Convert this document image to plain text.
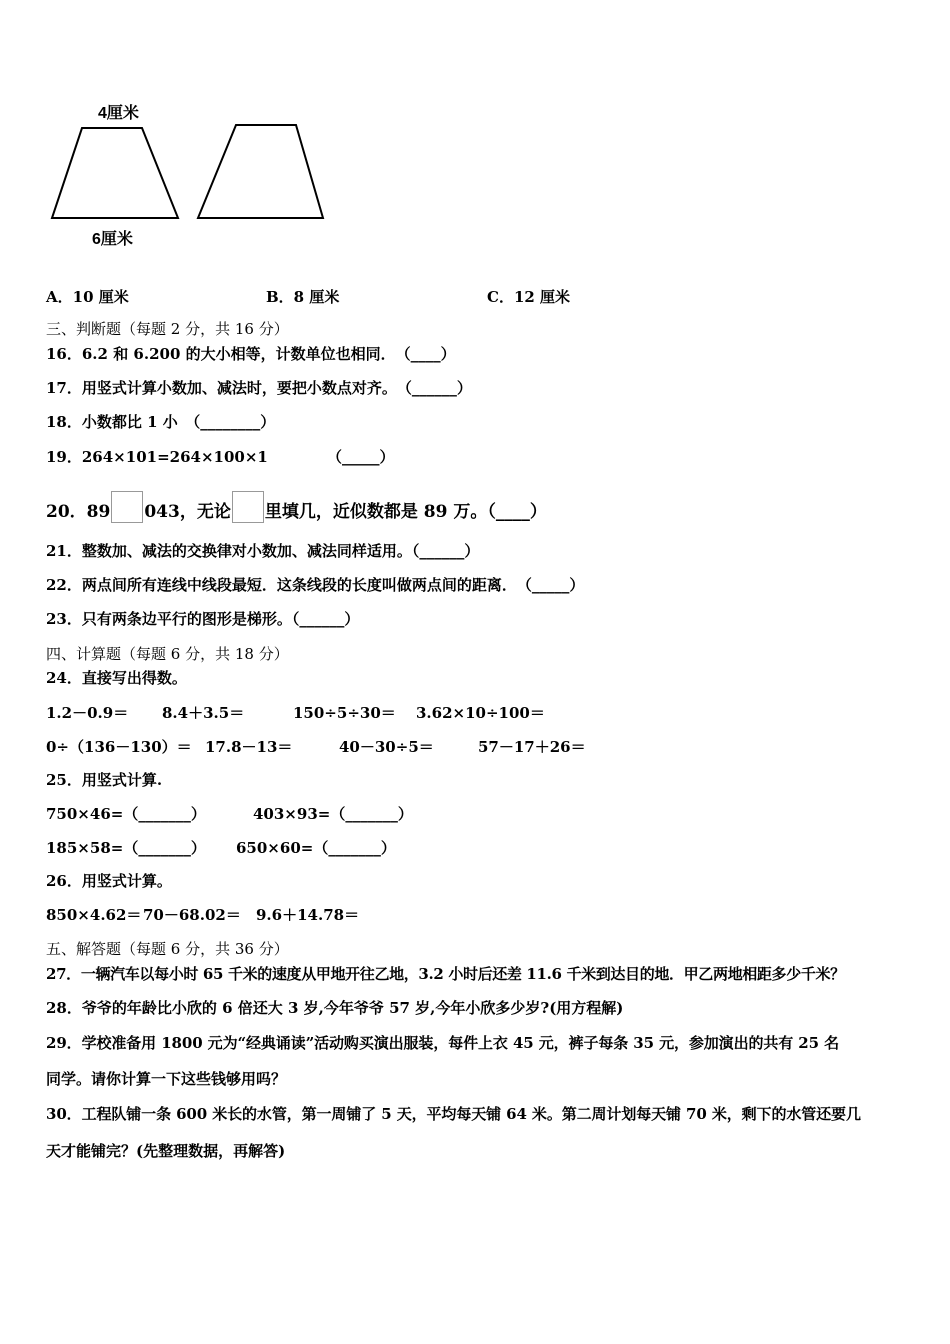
4厘米
6厘米
A．10 厘米	B．8 厘米	C．12 厘米
三、判断题（每题 2 分，共 16 分）
16．6.2 和 6.200 的大小相等，计数单位也相同．　（____）
17．用竖式计算小数加、减法时，要把小数点对齐。　（______）
18．小数都比 1 小　（________）
19．264×101=264×100×1	（_____）
20．89 043，无论 里填几，近似数都是 89 万。（____）
21．整数加、减法的交换律对小数加、减法同样适用。（______）
22．两点间所有连线中线段最短．这条线段的长度叫做两点间的距离．　（_____）
23．只有两条边平行的图形是梯形。（______）
四、计算题（每题 6 分，共 18 分）
24．直接写出得数。
1.2－0.9＝ 8.4＋3.5＝	150÷5÷30＝ 3.62×10÷100＝
0÷（136－130）＝ 17.8－13＝	40－30÷5＝	57－17＋26＝
25．用竖式计算.
750×46=（_______）	403×93=（_______）
185×58=（_______） 650×60=（_______）
26．用竖式计算。
850×4.62＝ 70－68.02＝ 9.6＋14.78＝
五、解答题（每题 6 分，共 36 分）
27．一辆汽车以每小时 65 千米的速度从甲地开往乙地，3.2 小时后还差 11.6 千米到达目的地．甲乙两地相距多少千米？
28．爷爷的年龄比小欣的 6 倍还大 3 岁,今年爷爷 57 岁,今年小欣多少岁?(用方程解)
29．学校准备用 1800 元为“经典诵读”活动购买演出服装，每件上衣 45 元，裤子每条 35 元，参加演出的共有 25 名
同学。请你计算一下这些钱够用吗？
30．工程队铺一条 600 米长的水管，第一周铺了 5 天，平均每天铺 64 米。第二周计划每天铺 70 米，剩下的水管还要几
天才能铺完？(先整理数据，再解答)
